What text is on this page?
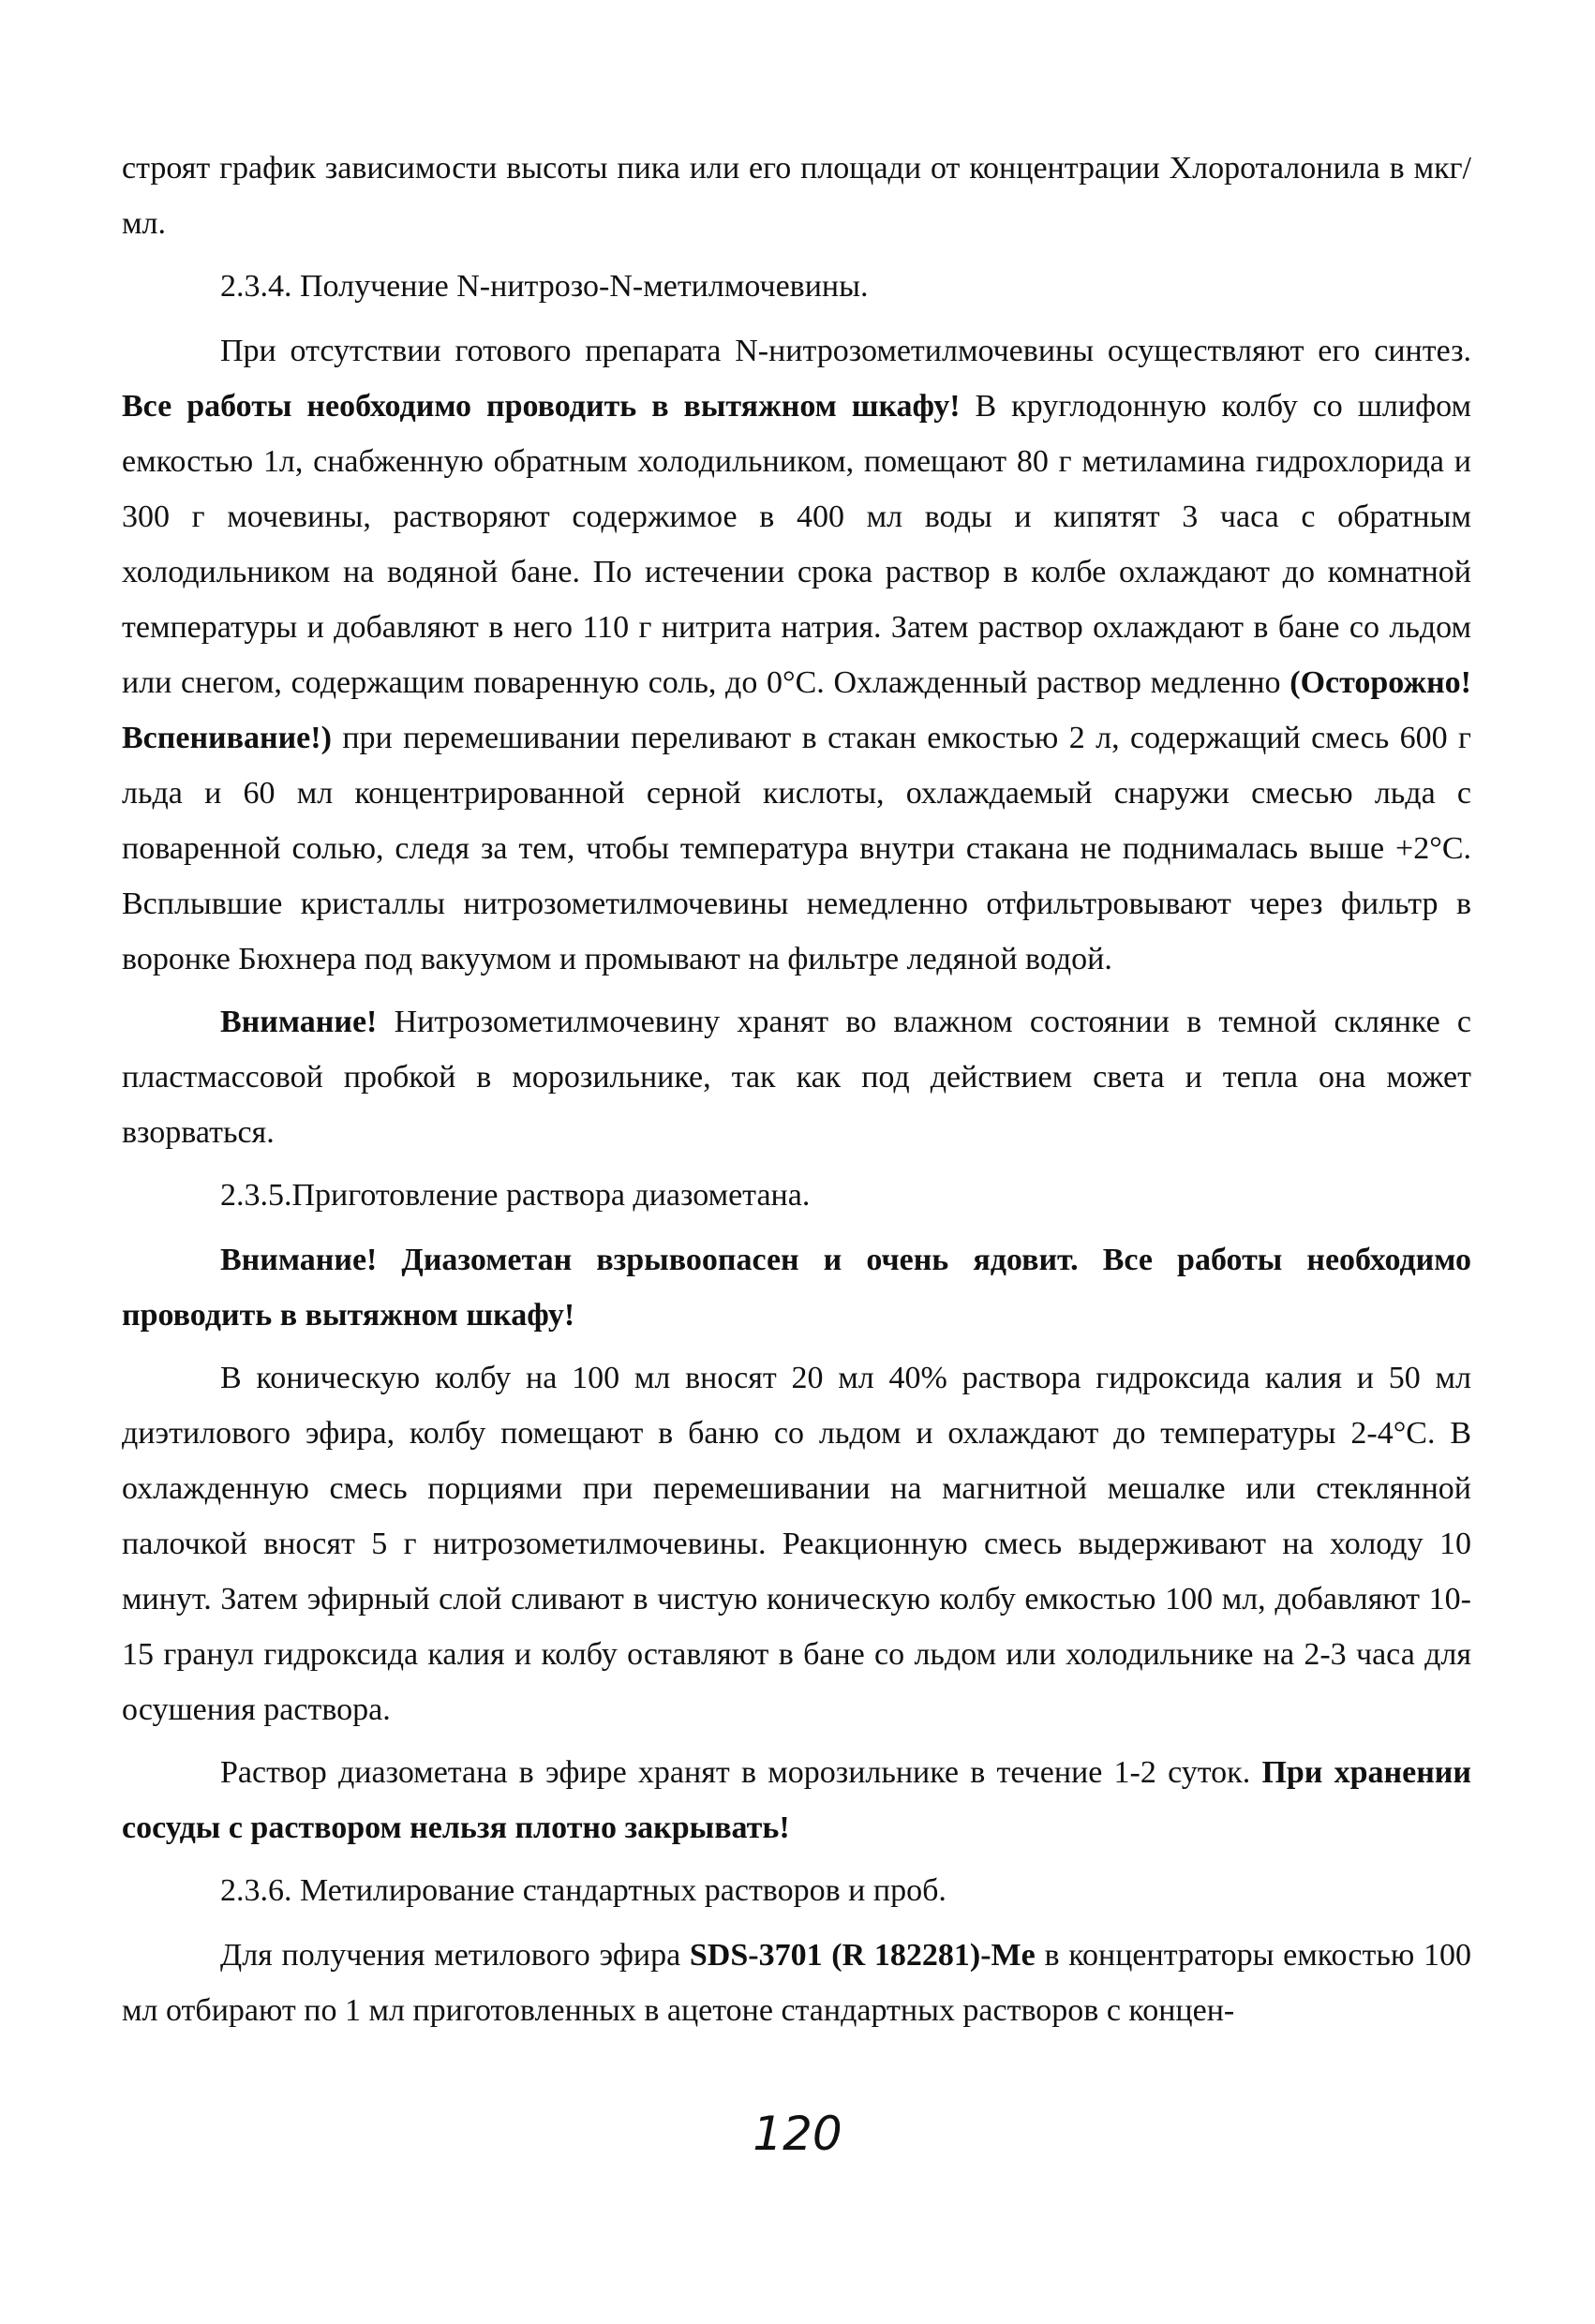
строят график зависимости высоты пика или его площади от концентрации Хлороталонила в мкг/мл.

2.3.4. Получение N-нитрозо-N-метилмочевины.

При отсутствии готового препарата N-нитрозометилмочевины осуществляют его синтез. Все работы необходимо проводить в вытяжном шкафу! В круглодонную колбу со шлифом емкостью 1л, снабженную обратным холодильником, помещают 80 г метиламина гидрохлорида и 300 г мочевины, растворяют содержимое в 400 мл воды и кипятят 3 часа с обратным холодильником на водяной бане. По истечении срока раствор в колбе охлаждают до комнатной температуры и добавляют в него 110 г нитрита натрия. Затем раствор охлаждают в бане со льдом или снегом, содержащим поваренную соль, до 0°С. Охлажденный раствор медленно (Осторожно! Вспенивание!) при перемешивании переливают в стакан емкостью 2 л, содержащий смесь 600 г льда и 60 мл концентрированной серной кислоты, охлаждаемый снаружи смесью льда с поваренной солью, следя за тем, чтобы температура внутри стакана не поднималась выше +2°С. Всплывшие кристаллы нитрозометилмочевины немедленно отфильтровывают через фильтр в воронке Бюхнера под вакуумом и промывают на фильтре ледяной водой.

Внимание! Нитрозометилмочевину хранят во влажном состоянии в темной склянке с пластмассовой пробкой в морозильнике, так как под действием света и тепла она может взорваться.

2.3.5.Приготовление раствора диазометана.

Внимание! Диазометан взрывоопасен и очень ядовит. Все работы необходимо проводить в вытяжном шкафу!

В коническую колбу на 100 мл вносят 20 мл 40% раствора гидроксида калия и 50 мл диэтилового эфира, колбу помещают в баню со льдом и охлаждают до температуры 2-4°С. В охлажденную смесь порциями при перемешивании на магнитной мешалке или стеклянной палочкой вносят 5 г нитрозометилмочевины. Реакционную смесь выдерживают на холоду 10 минут. Затем эфирный слой сливают в чистую коническую колбу емкостью 100 мл, добавляют 10-15 гранул гидроксида калия и колбу оставляют в бане со льдом или холодильнике на 2-3 часа для осушения раствора.

Раствор диазометана в эфире хранят в морозильнике в течение 1-2 суток. При хранении сосуды с раствором нельзя плотно закрывать!

2.3.6. Метилирование стандартных растворов и проб.

Для получения метилового эфира SDS-3701 (R 182281)-Me в концентраторы емкостью 100 мл отбирают по 1 мл приготовленных в ацетоне стандартных растворов с концен-

120
